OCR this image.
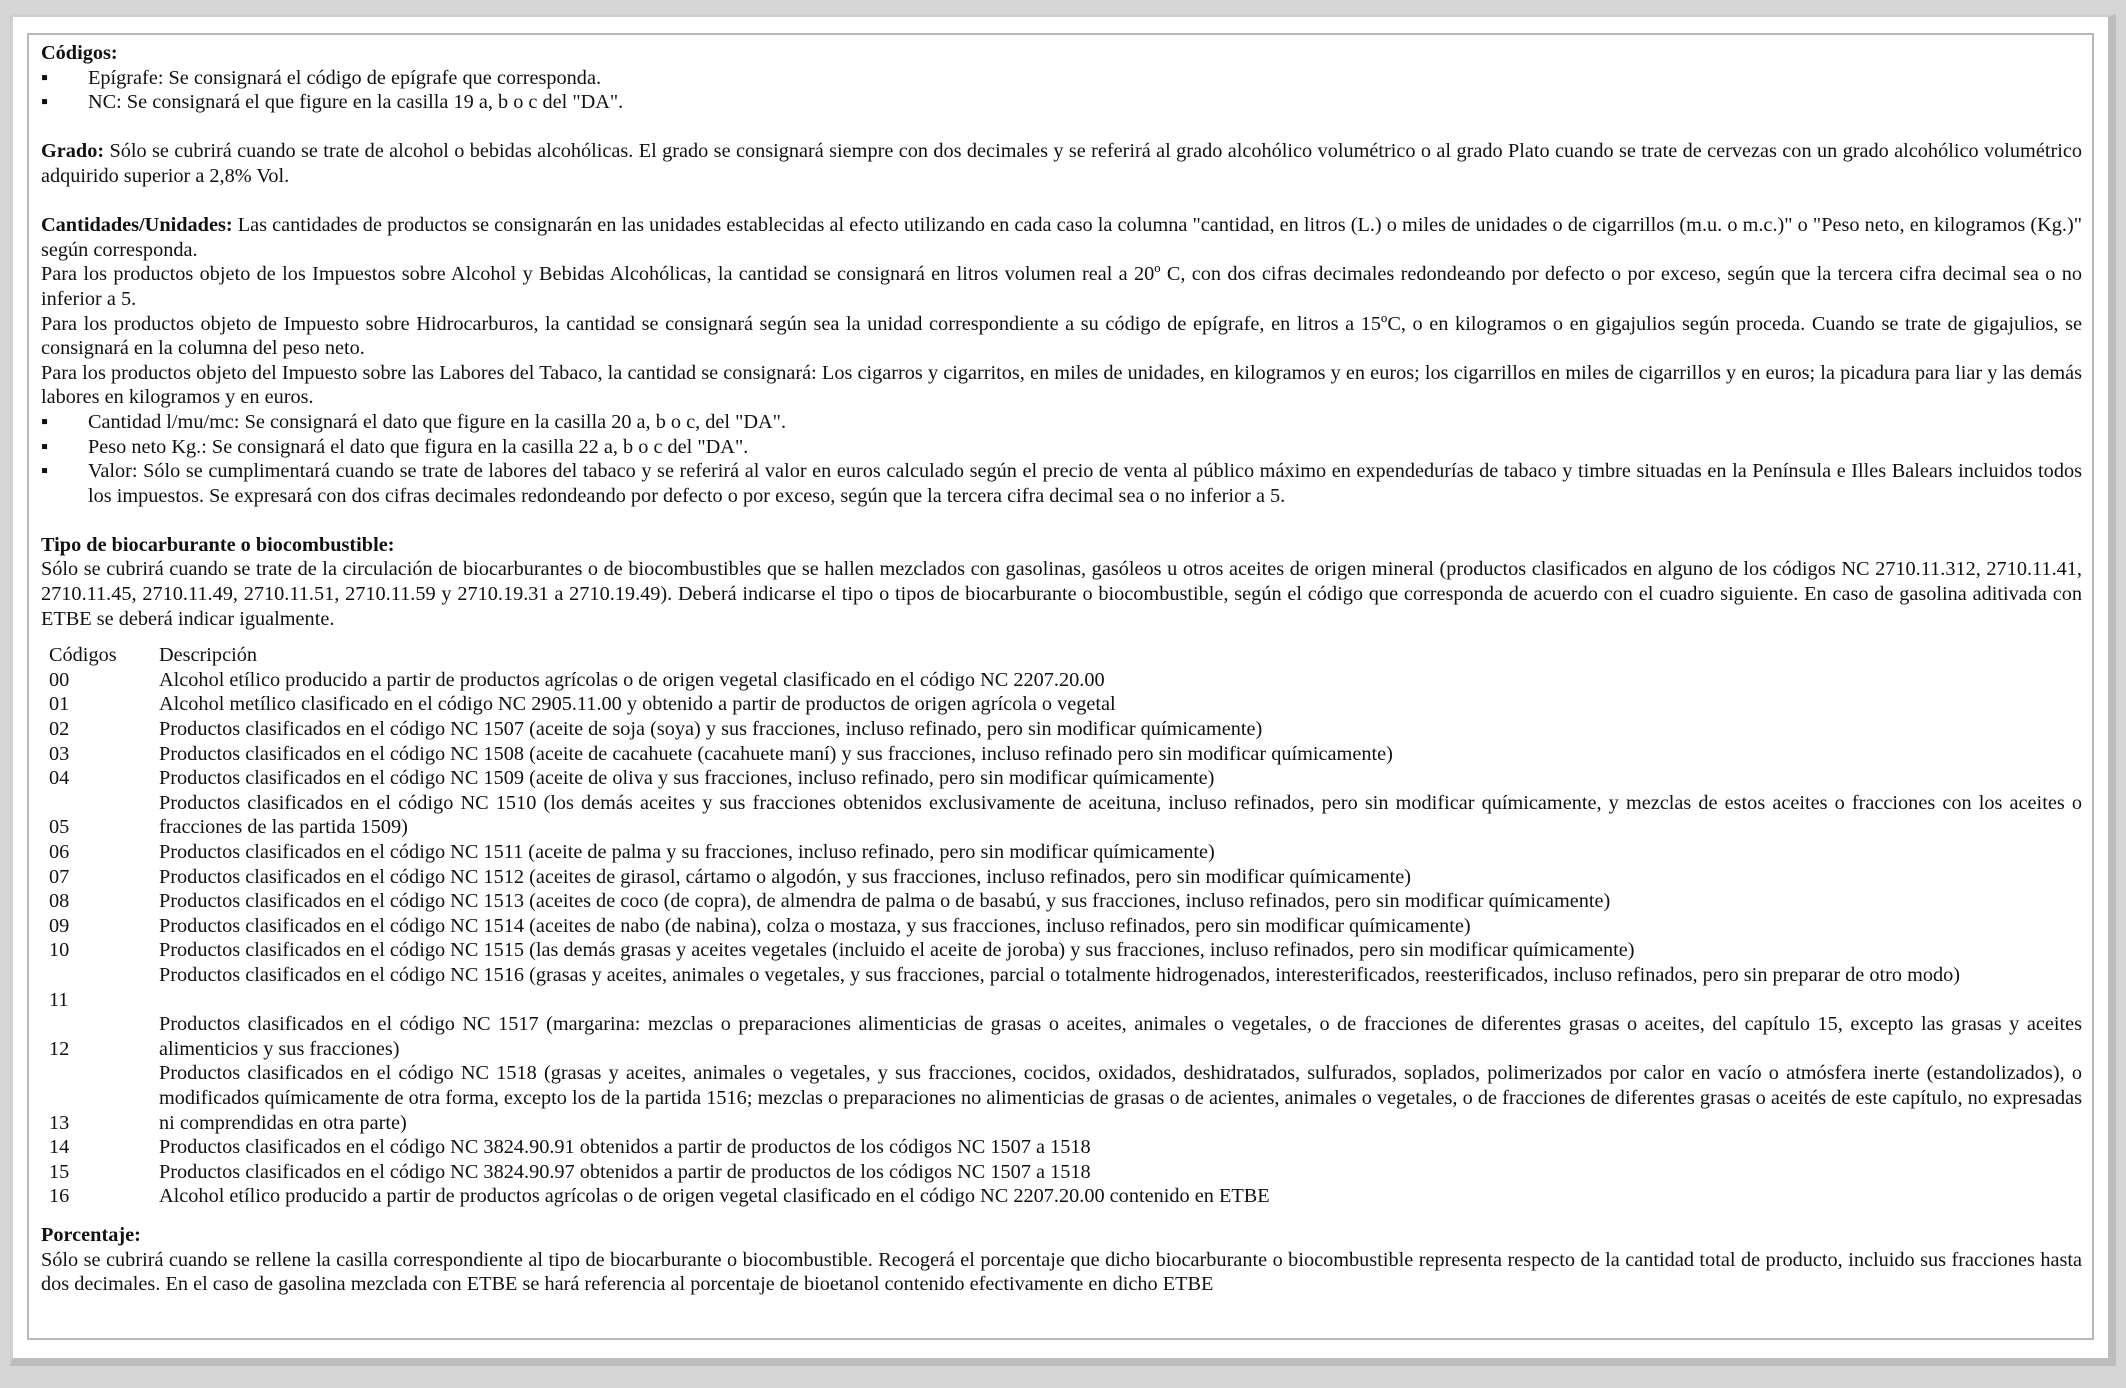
Códigos:
▪	Epígrafe: Se consignará el código de epígrafe que corresponda.
▪	NC: Se consignará el que figure en la casilla 19 a, b o c del "DA".
Grado: Sólo se cubrirá cuando se trate de alcohol o bebidas alcohólicas. El grado se consignará siempre con dos decimales y se referirá al grado alcohólico volumétrico o al grado Plato cuando se trate de cervezas con un grado alcohólico volumétrico adquirido superior a 2,8% Vol.
Cantidades/Unidades: Las cantidades de productos se consignarán en las unidades establecidas al efecto utilizando en cada caso la columna "cantidad, en litros (L.) o miles de unidades o de cigarrillos (m.u. o m.c.)" o "Peso neto, en kilogramos (Kg.)" según corresponda.
Para los productos objeto de los Impuestos sobre Alcohol y Bebidas Alcohólicas, la cantidad se consignará en litros volumen real a 20º C, con dos cifras decimales redondeando por defecto o por exceso, según que la tercera cifra decimal sea o no inferior a 5.
Para los productos objeto de Impuesto sobre Hidrocarburos, la cantidad se consignará según sea la unidad correspondiente a su código de epígrafe, en litros a 15ºC, o en kilogramos o en gigajulios según proceda. Cuando se trate de gigajulios, se consignará en la columna del peso neto.
Para los productos objeto del Impuesto sobre las Labores del Tabaco, la cantidad se consignará: Los cigarros y cigarritos, en miles de unidades, en kilogramos y en euros; los cigarrillos en miles de cigarrillos y en euros; la picadura para liar y las demás labores en kilogramos y en euros.
▪	Cantidad l/mu/mc: Se consignará el dato que figure en la casilla 20 a, b o c, del "DA".
▪	Peso neto Kg.: Se consignará el dato que figura en la casilla 22 a, b o c del "DA".
▪	Valor: Sólo se cumplimentará cuando se trate de labores del tabaco y se referirá al valor en euros calculado según el precio de venta al público máximo en expendedurías de tabaco y timbre situadas en la Península e Illes Balears incluidos todos los impuestos. Se expresará con dos cifras decimales redondeando por defecto o por exceso, según que la tercera cifra decimal sea o no inferior a 5.
Tipo de biocarburante o biocombustible:
Sólo se cubrirá cuando se trate de la circulación de biocarburantes o de biocombustibles que se hallen mezclados con gasolinas, gasóleos u otros aceites de origen mineral (productos clasificados en alguno de los códigos NC 2710.11.312, 2710.11.41, 2710.11.45, 2710.11.49, 2710.11.51, 2710.11.59 y 2710.19.31 a 2710.19.49). Deberá indicarse el tipo o tipos de biocarburante o biocombustible, según el código que corresponda de acuerdo con el cuadro siguiente. En caso de gasolina aditivada con ETBE se deberá indicar igualmente.
Códigos	Descripción
00	Alcohol etílico producido a partir de productos agrícolas o de origen vegetal clasificado en el código NC 2207.20.00
01	Alcohol metílico clasificado en el código NC 2905.11.00 y obtenido a partir de productos de origen agrícola o vegetal
02	Productos clasificados en el código NC 1507 (aceite de soja (soya) y sus fracciones, incluso refinado, pero sin modificar químicamente)
03	Productos clasificados en el código NC 1508 (aceite de cacahuete (cacahuete maní) y sus fracciones, incluso refinado pero sin modificar químicamente)
04	Productos clasificados en el código NC 1509 (aceite de oliva y sus fracciones, incluso refinado, pero sin modificar químicamente)
05	Productos clasificados en el código NC 1510 (los demás aceites y sus fracciones obtenidos exclusivamente de aceituna, incluso refinados, pero sin modificar químicamente, y mezclas de estos aceites o fracciones con los aceites o fracciones de las partida 1509)
06	Productos clasificados en el código NC 1511 (aceite de palma y su fracciones, incluso refinado, pero sin modificar químicamente)
07	Productos clasificados en el código NC 1512 (aceites de girasol, cártamo o algodón, y sus fracciones, incluso refinados, pero sin modificar químicamente)
08	Productos clasificados en el código NC 1513 (aceites de coco (de copra), de almendra de palma o de basabú, y sus fracciones, incluso refinados, pero sin modificar químicamente)
09	Productos clasificados en el código NC 1514 (aceites de nabo (de nabina), colza o mostaza, y sus fracciones, incluso refinados, pero sin modificar químicamente)
10	Productos clasificados en el código NC 1515 (las demás grasas y aceites vegetales (incluido el aceite de joroba) y sus fracciones, incluso refinados, pero sin modificar químicamente)
11	Productos clasificados en el código NC 1516 (grasas y aceites, animales o vegetales, y sus fracciones, parcial o totalmente hidrogenados, interesterificados, reesterificados, incluso refinados, pero sin preparar de otro modo)
12	Productos clasificados en el código NC 1517 (margarina: mezclas o preparaciones alimenticias de grasas o aceites, animales o vegetales, o de fracciones de diferentes grasas o aceites, del capítulo 15, excepto las grasas y aceites alimenticios y sus fracciones)
13	Productos clasificados en el código NC 1518 (grasas y aceites, animales o vegetales, y sus fracciones, cocidos, oxidados, deshidratados, sulfurados, soplados, polimerizados por calor en vacío o atmósfera inerte (estandolizados), o modificados químicamente de otra forma, excepto los de la partida 1516; mezclas o preparaciones no alimenticias de grasas o de acientes, animales o vegetales, o de fracciones de diferentes grasas o aceités de este capítulo, no expresadas ni comprendidas en otra parte)
14	Productos clasificados en el código NC 3824.90.91 obtenidos a partir de productos de los códigos NC 1507 a 1518
15	Productos clasificados en el código NC 3824.90.97 obtenidos a partir de productos de los códigos NC 1507 a 1518
16	Alcohol etílico producido a partir de productos agrícolas o de origen vegetal clasificado en el código NC 2207.20.00 contenido en ETBE
Porcentaje:
Sólo se cubrirá cuando se rellene la casilla correspondiente al tipo de biocarburante o biocombustible. Recogerá el porcentaje que dicho biocarburante o biocombustible representa respecto de la cantidad total de producto, incluido sus fracciones hasta dos decimales. En el caso de gasolina mezclada con ETBE se hará referencia al porcentaje de bioetanol contenido efectivamente en dicho ETBE
